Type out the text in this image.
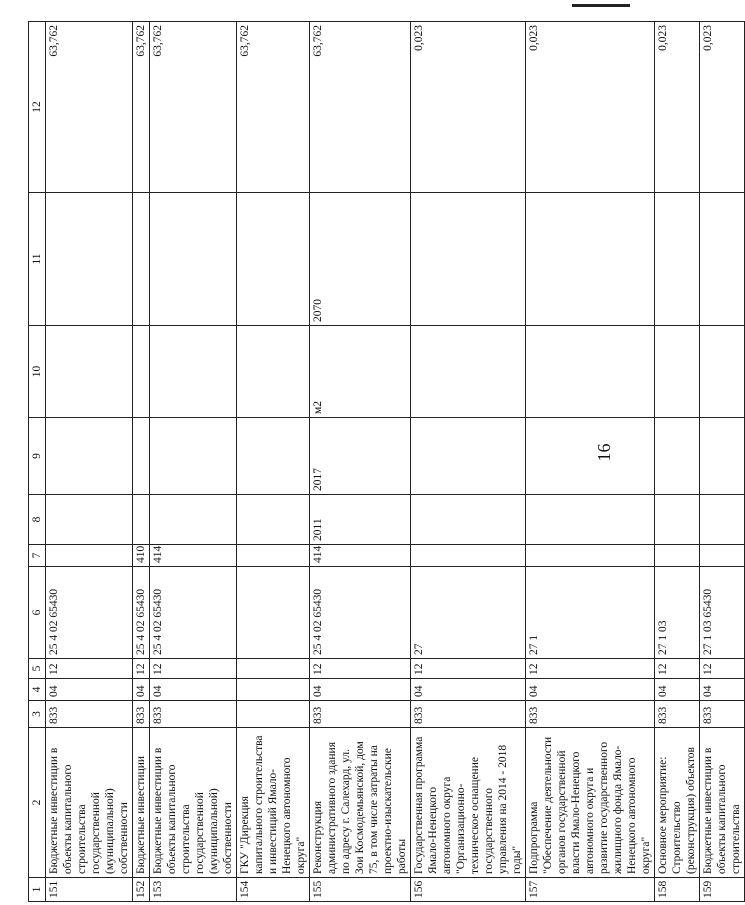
16
1	2	3	4	5	6	7	8	9	10	11	12
151	Бюджетные инвестиции в объекты капитального строительства государственной (муниципальной) собственности	833	04	12	25 4 02 65430						63,762
152	Бюджетные инвестиции	833	04	12	25 4 02 65430	410					63,762
153	Бюджетные инвестиции в объекты капитального строительства государственной (муниципальной) собственности	833	04	12	25 4 02 65430	414					63,762
154	ГКУ "Дирекция капитального строительства и инвестиций Ямало-Ненецкого автономного округа"										63,762
155	Реконструкция административного здания по адресу г. Салехард, ул. Зои Космодемьянской, дом 75, в том числе затраты на проектно-изыскательские работы	833	04	12	25 4 02 65430	414	2011	2017	м2	2070	63,762
156	Государственная программа Ямало-Ненецкого автономного округа "Организационно-техническое оснащение государственного управления на 2014 - 2018 годы"	833	04	12	27						0,023
157	Подпрограмма "Обеспечение деятельности органов государственной власти Ямало-Ненецкого автономного округа и развитие государственного жилищного фонда Ямало-Ненецкого автономного округа"	833	04	12	27 1						0,023
158	Основное мероприятие: Строительство (реконструкция) объектов	833	04	12	27 1 03						0,023
159	Бюджетные инвестиции в объекты капитального строительства	833	04	12	27 1 03 65430						0,023
